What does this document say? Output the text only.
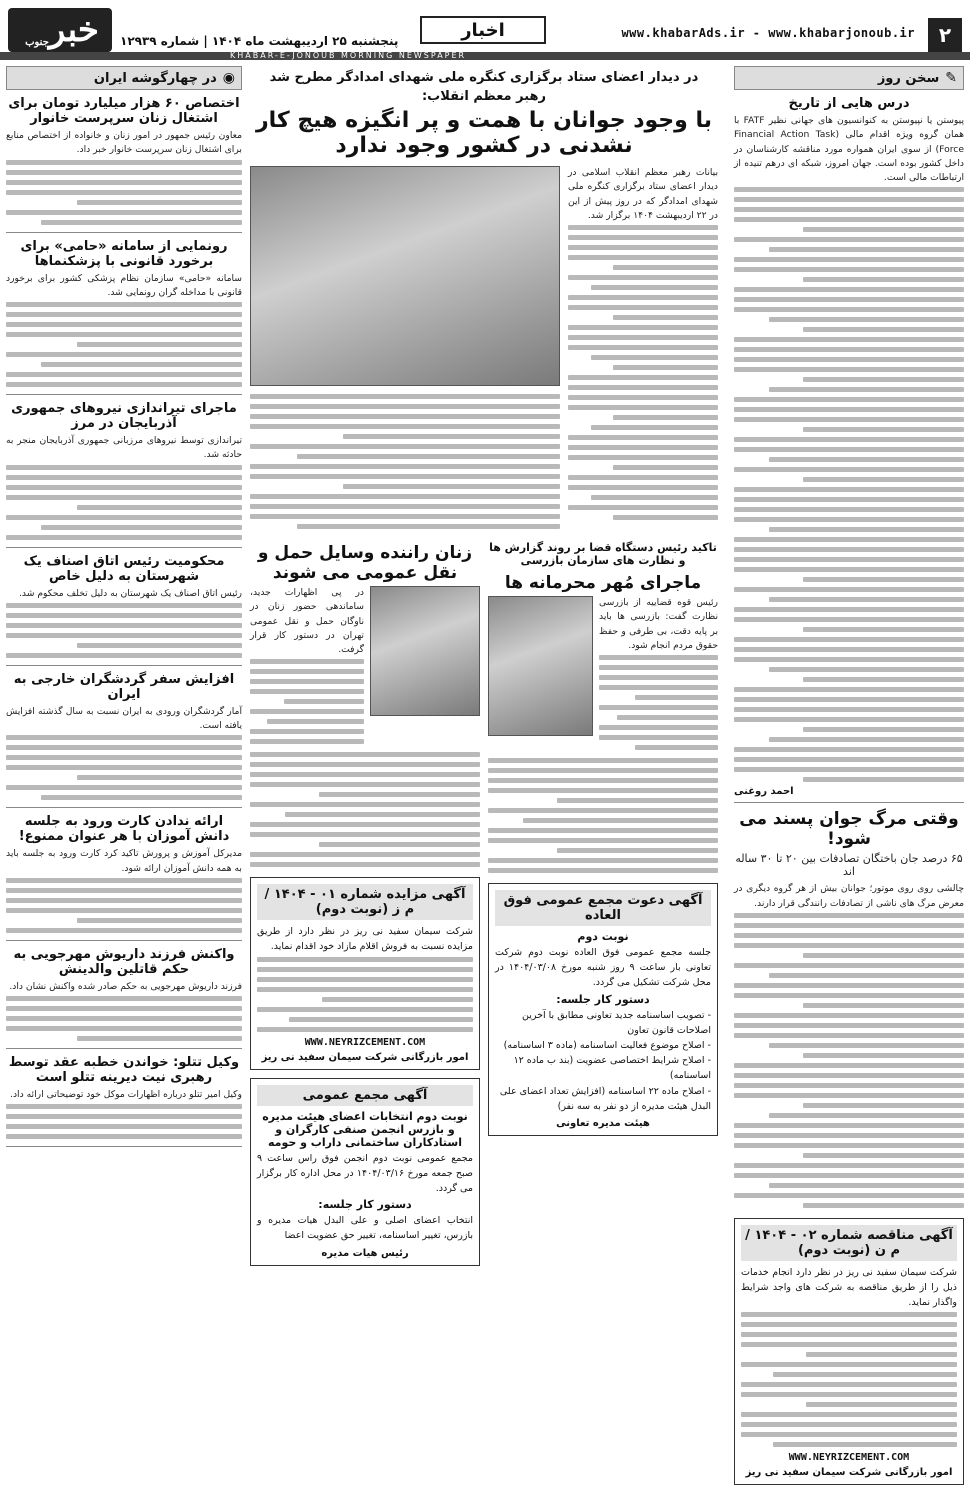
۲
www.khabarAds.ir - www.khabarjonoub.ir
اخبار
پنجشنبه ۲۵ اردیبهشت ماه ۱۴۰۴ | شماره ۱۲۹۳۹
خبر
جنوب
KHABAR-E-JONOUB MORNING NEWSPAPER
✎
سخن روز
درس هایی از تاریخ

پیوستن یا نپیوستن به کنوانسیون های جهانی نظیر FATF با همان گروه ویژه اقدام مالی (Financial Action Task Force) از سوی ایران همواره مورد مناقشه کارشناسان در داخل کشور بوده است. جهان امروز، شبکه ای درهم تنیده از ارتباطات مالی است.

احمد روغنی
وقتی مرگ جوان پسند می شود!
۶۵ درصد جان باختگان تصادفات بین ۲۰ تا ۳۰ ساله اند

چالشی روی روی موتور؛ جوانان بیش از هر گروه دیگری در معرض مرگ های ناشی از تصادفات رانندگی قرار دارند.

آگهی مناقصه شماره ۰۲ - ۱۴۰۴ / م ن (نوبت دوم)

شرکت سیمان سفید نی ریز در نظر دارد انجام خدمات ذیل را از طریق مناقصه به شرکت های واجد شرایط واگذار نماید.

WWW.NEYRIZCEMENT.COM
امور بازرگانی شرکت سیمان سفید نی ریز
◉
در چهارگوشه ایران
اختصاص ۶۰ هزار میلیارد تومان برای اشتغال زنان سرپرست خانوار

معاون رئیس جمهور در امور زنان و خانواده از اختصاص منابع برای اشتغال زنان سرپرست خانوار خبر داد.

رونمایی از سامانه «حامی» برای برخورد قانونی با پزشکنماها

سامانه «حامی» سازمان نظام پزشکی کشور برای برخورد قانونی با مداخله گران رونمایی شد.

ماجرای تیراندازی نیروهای جمهوری آذربایجان در مرز

تیراندازی توسط نیروهای مرزبانی جمهوری آذربایجان منجر به حادثه شد.

محکومیت رئیس اتاق اصناف یک شهرستان به دلیل خاص

رئیس اتاق اصناف یک شهرستان به دلیل تخلف محکوم شد.

افزایش سفر گردشگران خارجی به ایران

آمار گردشگران ورودی به ایران نسبت به سال گذشته افزایش یافته است.

ارائه ندادن کارت ورود به جلسه دانش آموزان با هر عنوان ممنوع!

مدیرکل آموزش و پرورش تاکید کرد کارت ورود به جلسه باید به همه دانش آموزان ارائه شود.

واکنش فرزند داریوش مهرجویی به حکم قاتلین والدینش

فرزند داریوش مهرجویی به حکم صادر شده واکنش نشان داد.

وکیل تتلو: خواندن خطبه عقد توسط رهبری نیت دیرینه تتلو است

وکیل امیر تتلو درباره اظهارات موکل خود توضیحاتی ارائه داد.

در دیدار اعضای ستاد برگزاری کنگره ملی شهدای امدادگر مطرح شد
رهبر معظم انقلاب:
با وجود جوانان با همت و پر انگیزه هیچ کار نشدنی در کشور وجود ندارد

بیانات رهبر معظم انقلاب اسلامی در دیدار اعضای ستاد برگزاری کنگره ملی شهدای امدادگر که در روز پیش از این در ۲۲ اردیبهشت ۱۴۰۴ برگزار شد.

تاکید رئیس دستگاه قضا بر روند گزارش ها و نظارت های سازمان بازرسی
ماجرای مُهر محرمانه ها

رئیس قوه قضاییه از بازرسی نظارت گفت: بازرسی ها باید بر پایه دقت، بی طرفی و حفظ حقوق مردم انجام شود.

آگهی دعوت مجمع عمومی فوق العاده
نوبت دوم

جلسه مجمع عمومی فوق العاده نوبت دوم شرکت تعاونی بار ساعت ۹ روز شنبه مورخ ۱۴۰۴/۰۳/۰۸ در محل شرکت تشکیل می گردد.

دستور کار جلسه:
- تصویب اساسنامه جدید تعاونی مطابق با آخرین اصلاحات قانون تعاون
- اصلاح موضوع فعالیت اساسنامه (ماده ۳ اساسنامه)
- اصلاح شرایط اختصاصی عضویت (بند ب ماده ۱۲ اساسنامه)
- اصلاح ماده ۲۲ اساسنامه (افزایش تعداد اعضای علی البدل هیئت مدیره از دو نفر به سه نفر)
هیئت مدیره تعاونی
زنان راننده وسایل حمل و نقل عمومی می شوند

در پی اظهارات جدید، ساماندهی حضور زنان در ناوگان حمل و نقل عمومی تهران در دستور کار قرار گرفت.

آگهی مزایده شماره ۰۱ - ۱۴۰۴ / م ز (نوبت دوم)

شرکت سیمان سفید نی ریز در نظر دارد از طریق مزایده نسبت به فروش اقلام مازاد خود اقدام نماید.

WWW.NEYRIZCEMENT.COM
امور بازرگانی شرکت سیمان سفید نی ریز
آگهی مجمع عمومی
نوبت دوم انتخابات اعضای هیئت مدیره و بازرس انجمن صنفی کارگران و استادکاران ساختمانی داراب و حومه

مجمع عمومی نوبت دوم انجمن فوق راس ساعت ۹ صبح جمعه مورخ ۱۴۰۴/۰۳/۱۶ در محل اداره کار برگزار می گردد.

دستور کار جلسه:

انتخاب اعضای اصلی و علی البدل هیات مدیره و بازرس، تغییر اساسنامه، تغییر حق عضویت اعضا

رئیس هیات مدیره
